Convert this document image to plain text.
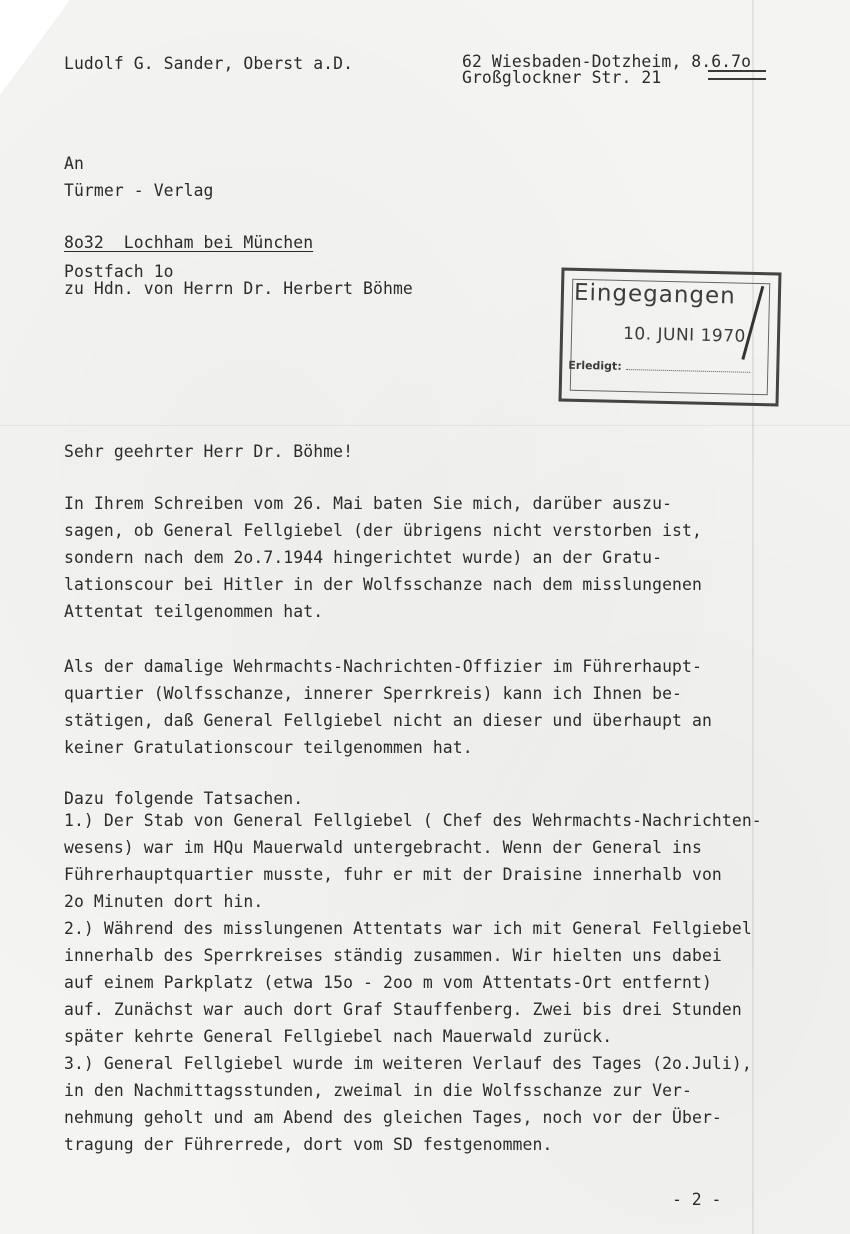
Ludolf G. Sander, Oberst a.D.	62 Wiesbaden-Dotzheim, 8.6.7o
Großglockner Str. 21
An
Türmer - Verlag
8o32  Lochham bei München
Postfach 1o
zu Hdn. von Herrn Dr. Herbert Böhme	Eingegangen
10. JUNI 1970
Erledigt:
Sehr geehrter Herr Dr. Böhme!
In Ihrem Schreiben vom 26. Mai baten Sie mich, darüber auszu-
sagen, ob General Fellgiebel (der übrigens nicht verstorben ist,
sondern nach dem 2o.7.1944 hingerichtet wurde) an der Gratu-
lationscour bei Hitler in der Wolfsschanze nach dem misslungenen
Attentat teilgenommen hat.
Als der damalige Wehrmachts-Nachrichten-Offizier im Führerhaupt-
quartier (Wolfsschanze, innerer Sperrkreis) kann ich Ihnen be-
stätigen, daß General Fellgiebel nicht an dieser und überhaupt an
keiner Gratulationscour teilgenommen hat.
Dazu folgende Tatsachen.
1.) Der Stab von General Fellgiebel ( Chef des Wehrmachts-Nachrichten-
wesens) war im HQu Mauerwald untergebracht. Wenn der General ins
Führerhauptquartier musste, fuhr er mit der Draisine innerhalb von
2o Minuten dort hin.
2.) Während des misslungenen Attentats war ich mit General Fellgiebel
innerhalb des Sperrkreises ständig zusammen. Wir hielten uns dabei
auf einem Parkplatz (etwa 15o - 2oo m vom Attentats-Ort entfernt)
auf. Zunächst war auch dort Graf Stauffenberg. Zwei bis drei Stunden
später kehrte General Fellgiebel nach Mauerwald zurück.
3.) General Fellgiebel wurde im weiteren Verlauf des Tages (2o.Juli),
in den Nachmittagsstunden, zweimal in die Wolfsschanze zur Ver-
nehmung geholt und am Abend des gleichen Tages, noch vor der Über-
tragung der Führerrede, dort vom SD festgenommen.
- 2 -
